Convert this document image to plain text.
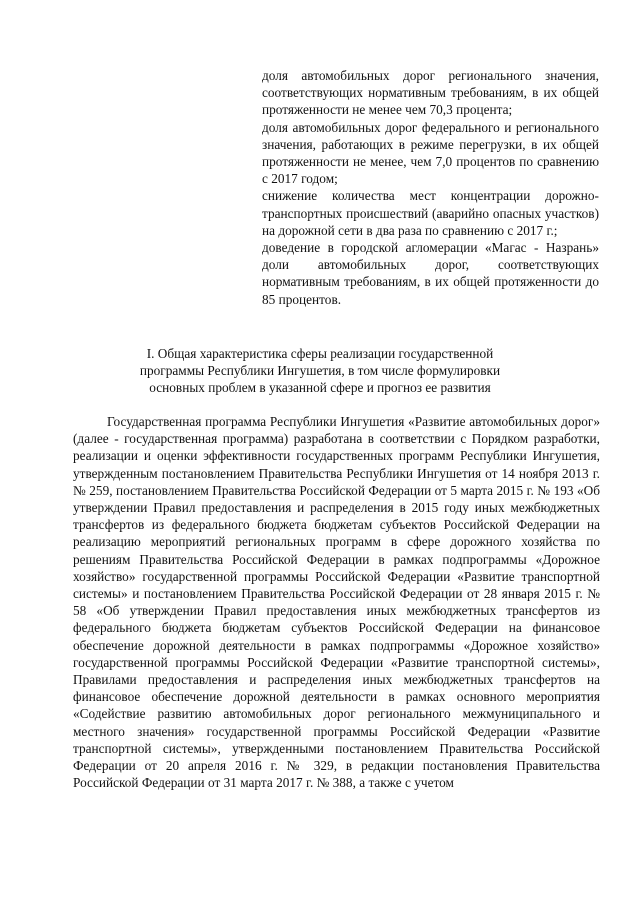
доля автомобильных дорог регионального значения, соответствующих нормативным требованиям, в их общей протяженности не менее чем 70,3 процента;

доля автомобильных дорог федерального и регионального значения, работающих в режиме перегрузки, в их общей протяженности не менее, чем 7,0 процентов по сравнению с 2017 годом;

снижение количества мест концентрации дорожно-транспортных происшествий (аварийно опасных участков) на дорожной сети в два раза по сравнению с 2017 г.;

доведение в городской агломерации «Магас - Назрань» доли автомобильных дорог, соответствующих нормативным требованиям, в их общей протяженности до 85 процентов.

I. Общая характеристика сферы реализации государственной
программы Республики Ингушетия, в том числе формулировки
основных проблем в указанной сфере и прогноз ее развития

Государственная программа Республики Ингушетия «Развитие автомобильных дорог» (далее - государственная программа) разработана в соответствии с Порядком разработки, реализации и оценки эффективности государственных программ Республики Ингушетия, утвержденным постановлением Правительства Республики Ингушетия от 14 ноября 2013 г. № 259, постановлением Правительства Российской Федерации от 5 марта 2015 г. № 193 «Об утверждении Правил предоставления и распределения в 2015 году иных межбюджетных трансфертов из федерального бюджета бюджетам субъектов Российской Федерации на реализацию мероприятий региональных программ в сфере дорожного хозяйства по решениям Правительства Российской Федерации в рамках подпрограммы «Дорожное хозяйство» государственной программы Российской Федерации «Развитие транспортной системы» и постановлением Правительства Российской Федерации от 28 января 2015 г. № 58 «Об утверждении Правил предоставления иных межбюджетных трансфертов из федерального бюджета бюджетам субъектов Российской Федерации на финансовое обеспечение дорожной деятельности в рамках подпрограммы «Дорожное хозяйство» государственной программы Российской Федерации «Развитие транспортной системы», Правилами предоставления и распределения иных межбюджетных трансфертов на финансовое обеспечение дорожной деятельности в рамках основного мероприятия «Содействие развитию автомобильных дорог регионального межмуниципального и местного значения» государственной программы Российской Федерации «Развитие транспортной системы», утвержденными постановлением Правительства Российской Федерации от 20 апреля 2016 г. № 329, в редакции постановления Правительства Российской Федерации от 31 марта 2017 г. № 388, а также с учетом
